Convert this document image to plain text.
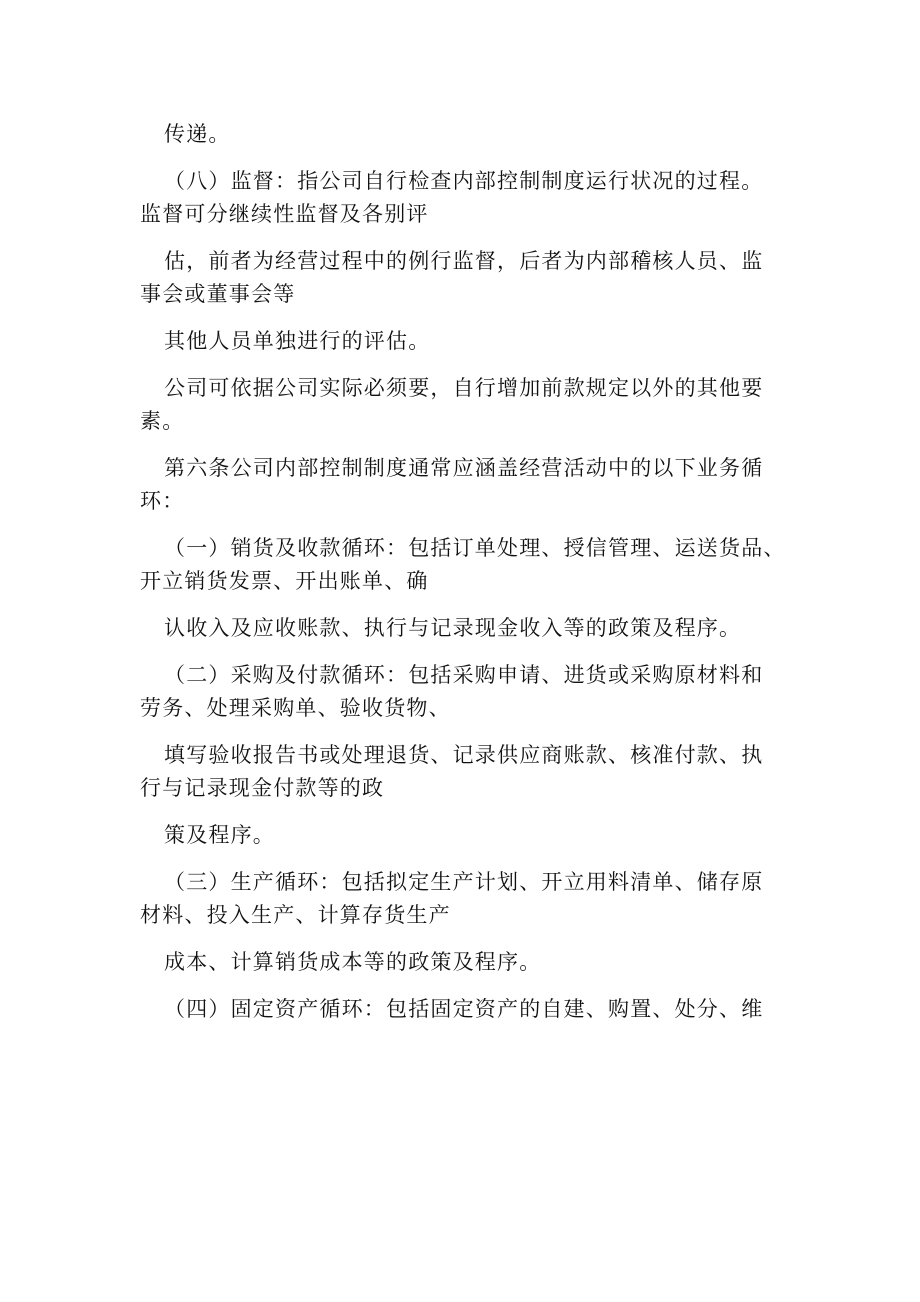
传递。

（八）监督：指公司自行检查内部控制制度运行状况的过程。
监督可分继续性监督及各别评

估，前者为经营过程中的例行监督，后者为内部稽核人员、监
事会或董事会等

其他人员单独进行的评估。

公司可依据公司实际必须要，自行增加前款规定以外的其他要
素。

第六条公司内部控制制度通常应涵盖经营活动中的以下业务循
环：

（一）销货及收款循环：包括订单处理、授信管理、运送货品、
开立销货发票、开出账单、确

认收入及应收账款、执行与记录现金收入等的政策及程序。

（二）采购及付款循环：包括采购申请、进货或采购原材料和
劳务、处理采购单、验收货物、

填写验收报告书或处理退货、记录供应商账款、核准付款、执
行与记录现金付款等的政

策及程序。

（三）生产循环：包括拟定生产计划、开立用料清单、储存原
材料、投入生产、计算存货生产

成本、计算销货成本等的政策及程序。

（四）固定资产循环：包括固定资产的自建、购置、处分、维
